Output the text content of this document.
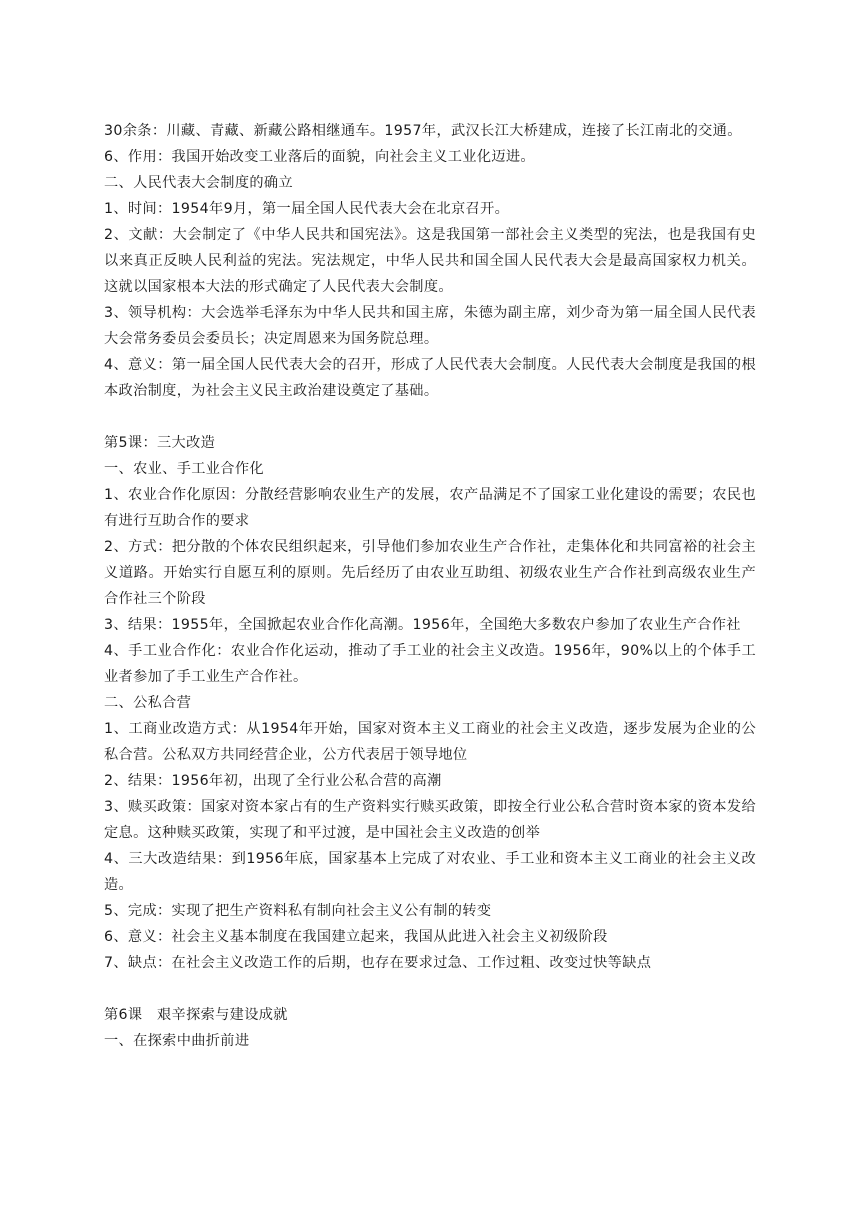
30余条：川藏、青藏、新藏公路相继通车。1957年，武汉长江大桥建成，连接了长江南北的交通。

6、作用：我国开始改变工业落后的面貌，向社会主义工业化迈进。

二、人民代表大会制度的确立

1、时间：1954年9月，第一届全国人民代表大会在北京召开。

2、文献：大会制定了《中华人民共和国宪法》。这是我国第一部社会主义类型的宪法，也是我国有史以来真正反映人民利益的宪法。宪法规定，中华人民共和国全国人民代表大会是最高国家权力机关。这就以国家根本大法的形式确定了人民代表大会制度。

3、领导机构：大会选举毛泽东为中华人民共和国主席，朱德为副主席，刘少奇为第一届全国人民代表大会常务委员会委员长；决定周恩来为国务院总理。

4、意义：第一届全国人民代表大会的召开，形成了人民代表大会制度。人民代表大会制度是我国的根本政治制度，为社会主义民主政治建设奠定了基础。

第5课：三大改造

一、农业、手工业合作化

1、农业合作化原因：分散经营影响农业生产的发展，农产品满足不了国家工业化建设的需要；农民也有进行互助合作的要求

2、方式：把分散的个体农民组织起来，引导他们参加农业生产合作社，走集体化和共同富裕的社会主义道路。开始实行自愿互利的原则。先后经历了由农业互助组、初级农业生产合作社到高级农业生产合作社三个阶段

3、结果：1955年，全国掀起农业合作化高潮。1956年，全国绝大多数农户参加了农业生产合作社

4、手工业合作化：农业合作化运动，推动了手工业的社会主义改造。1956年，90%以上的个体手工业者参加了手工业生产合作社。

二、公私合营

1、工商业改造方式：从1954年开始，国家对资本主义工商业的社会主义改造，逐步发展为企业的公私合营。公私双方共同经营企业，公方代表居于领导地位

2、结果：1956年初，出现了全行业公私合营的高潮

3、赎买政策：国家对资本家占有的生产资料实行赎买政策，即按全行业公私合营时资本家的资本发给定息。这种赎买政策，实现了和平过渡，是中国社会主义改造的创举

4、三大改造结果：到1956年底，国家基本上完成了对农业、手工业和资本主义工商业的社会主义改造。

5、完成：实现了把生产资料私有制向社会主义公有制的转变

6、意义：社会主义基本制度在我国建立起来，我国从此进入社会主义初级阶段

7、缺点：在社会主义改造工作的后期，也存在要求过急、工作过粗、改变过快等缺点

第6课　艰辛探索与建设成就

一、在探索中曲折前进
